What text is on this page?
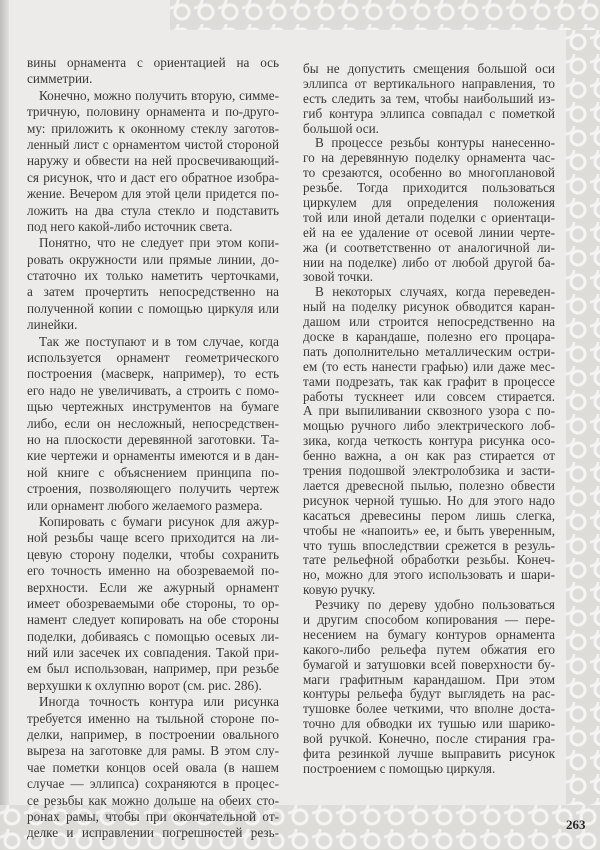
вины орнамента с ориентацией на ось
симметрии.
Конечно, можно получить вторую, симме-
тричную, половину орнамента и по-друго-
му: приложить к оконному стеклу заготов-
ленный лист с орнаментом чистой стороной
наружу и обвести на ней просвечивающий-
ся рисунок, что и даст его обратное изобра-
жение. Вечером для этой цели придется по-
ложить на два стула стекло и подставить
под него какой-либо источник света.
Понятно, что не следует при этом копи-
ровать окружности или прямые линии, до-
статочно их только наметить черточками,
а затем прочертить непосредственно на
полученной копии с помощью циркуля или
линейки.
Так же поступают и в том случае, когда
используется орнамент геометрического
построения (масверк, например), то есть
его надо не увеличивать, а строить с помо-
щью чертежных инструментов на бумаге
либо, если он несложный, непосредствен-
но на плоскости деревянной заготовки. Та-
кие чертежи и орнаменты имеются и в дан-
ной книге с объяснением принципа по-
строения, позволяющего получить чертеж
или орнамент любого желаемого размера.
Копировать с бумаги рисунок для ажур-
ной резьбы чаще всего приходится на ли-
цевую сторону поделки, чтобы сохранить
его точность именно на обозреваемой по-
верхности. Если же ажурный орнамент
имеет обозреваемыми обе стороны, то ор-
намент следует копировать на обе стороны
поделки, добиваясь с помощью осевых ли-
ний или засечек их совпадения. Такой при-
ем был использован, например, при резьбе
верхушки к охлупню ворот (см. рис. 286).
Иногда точность контура или рисунка
требуется именно на тыльной стороне по-
делки, например, в построении овального
выреза на заготовке для рамы. В этом слу-
чае пометки концов осей овала (в нашем
случае — эллипса) сохраняются в процес-
се резьбы как можно дольше на обеих сто-
ронах рамы, чтобы при окончательной от-
делке и исправлении погрешностей резь-
бы не допустить смещения большой оси
эллипса от вертикального направления, то
есть следить за тем, чтобы наибольший из-
гиб контура эллипса совпадал с пометкой
большой оси.
В процессе резьбы контуры нанесенно-
го на деревянную поделку орнамента час-
то срезаются, особенно во многоплановой
резьбе. Тогда приходится пользоваться
циркулем для определения положения
той или иной детали поделки с ориентаци-
ей на ее удаление от осевой линии черте-
жа (и соответственно от аналогичной ли-
нии на поделке) либо от любой другой ба-
зовой точки.
В некоторых случаях, когда переведен-
ный на поделку рисунок обводится каран-
дашом или строится непосредственно на
доске в карандаше, полезно его процара-
пать дополнительно металлическим остри-
ем (то есть нанести графью) или даже мес-
тами подрезать, так как графит в процессе
работы тускнеет или совсем стирается.
А при выпиливании сквозного узора с по-
мощью ручного либо электрического лоб-
зика, когда четкость контура рисунка осо-
бенно важна, а он как раз стирается от
трения подошвой электролобзика и засти-
лается древесной пылью, полезно обвести
рисунок черной тушью. Но для этого надо
касаться древесины пером лишь слегка,
чтобы не «напоить» ее, и быть уверенным,
что тушь впоследствии срежется в резуль-
тате рельефной обработки резьбы. Конеч-
но, можно для этого использовать и шари-
ковую ручку.
Резчику по дереву удобно пользоваться
и другим способом копирования — пере-
несением на бумагу контуров орнамента
какого-либо рельефа путем обжатия его
бумагой и затушовки всей поверхности бу-
маги графитным карандашом. При этом
контуры рельефа будут выглядеть на рас-
тушовке более четкими, что вполне доста-
точно для обводки их тушью или шарико-
вой ручкой. Конечно, после стирания гра-
фита резинкой лучше выправить рисунок
построением с помощью циркуля.
263
